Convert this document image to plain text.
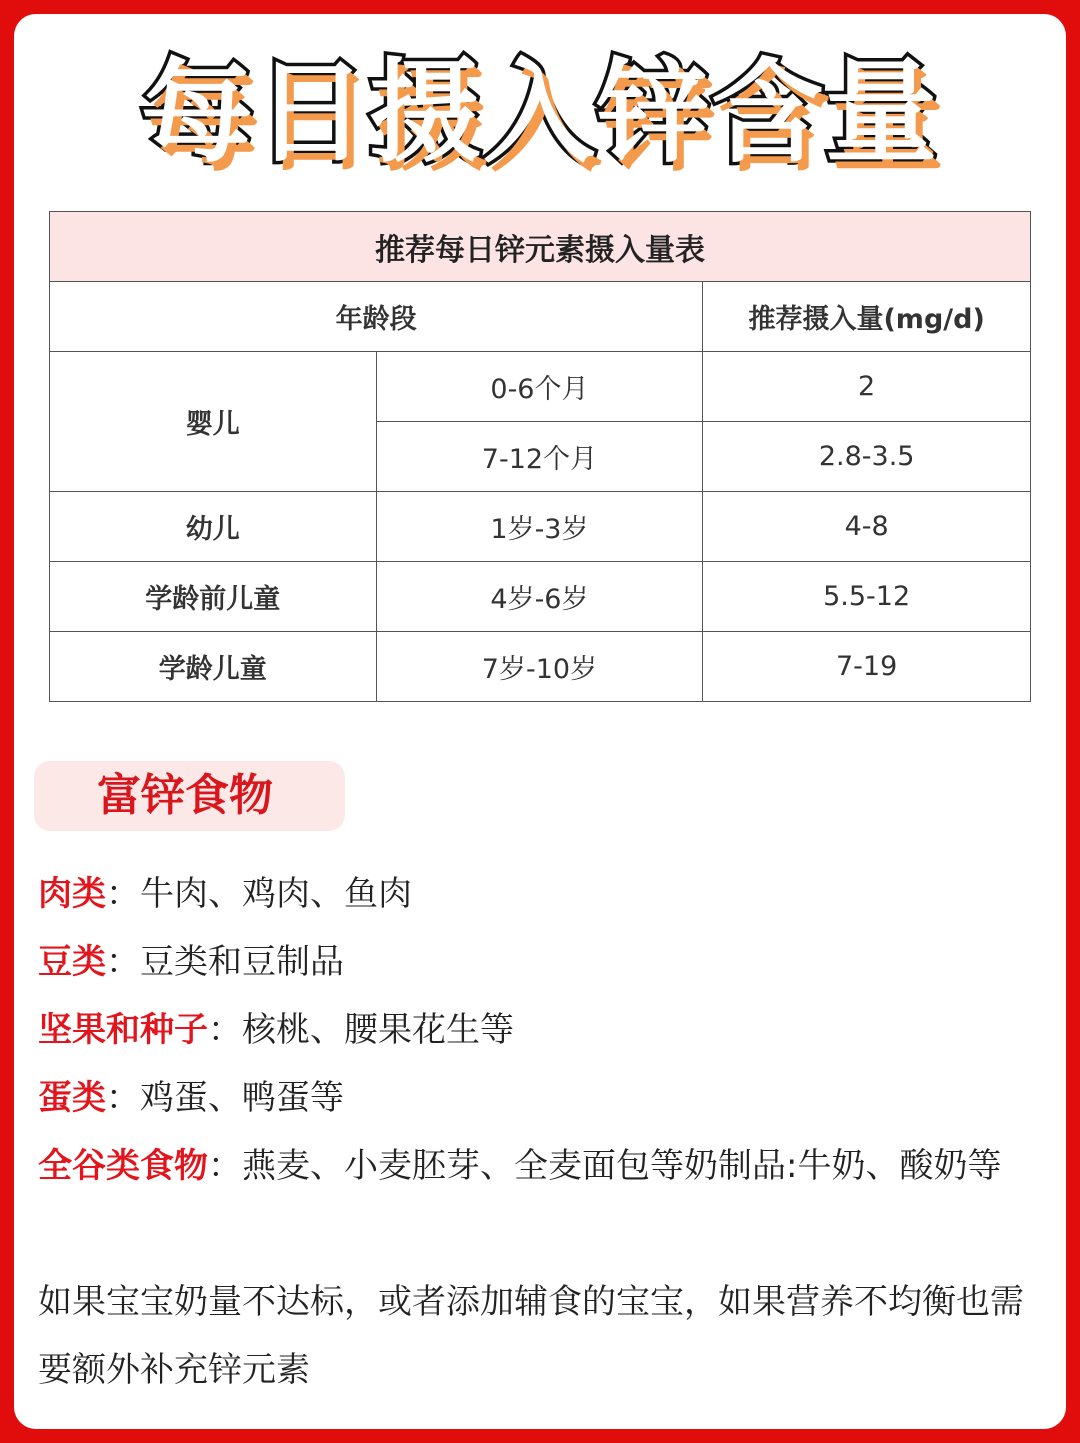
每日摄入锌含量
推荐每日锌元素摄入量表		
年龄段		推荐摄入量(mg/d)
婴儿	0-6个月	2
	7-12个月	2.8-3.5
幼儿	1岁-3岁	4-8
学龄前儿童	4岁-6岁	5.5-12
学龄儿童	7岁-10岁	7-19
富锌食物
肉类：牛肉、鸡肉、鱼肉
豆类：豆类和豆制品
坚果和种子：核桃、腰果花生等
蛋类：鸡蛋、鸭蛋等
全谷类食物：燕麦、小麦胚芽、全麦面包等奶制品:牛奶、酸奶等
如果宝宝奶量不达标，或者添加辅食的宝宝，如果营养不均衡也需要额外补充锌元素
